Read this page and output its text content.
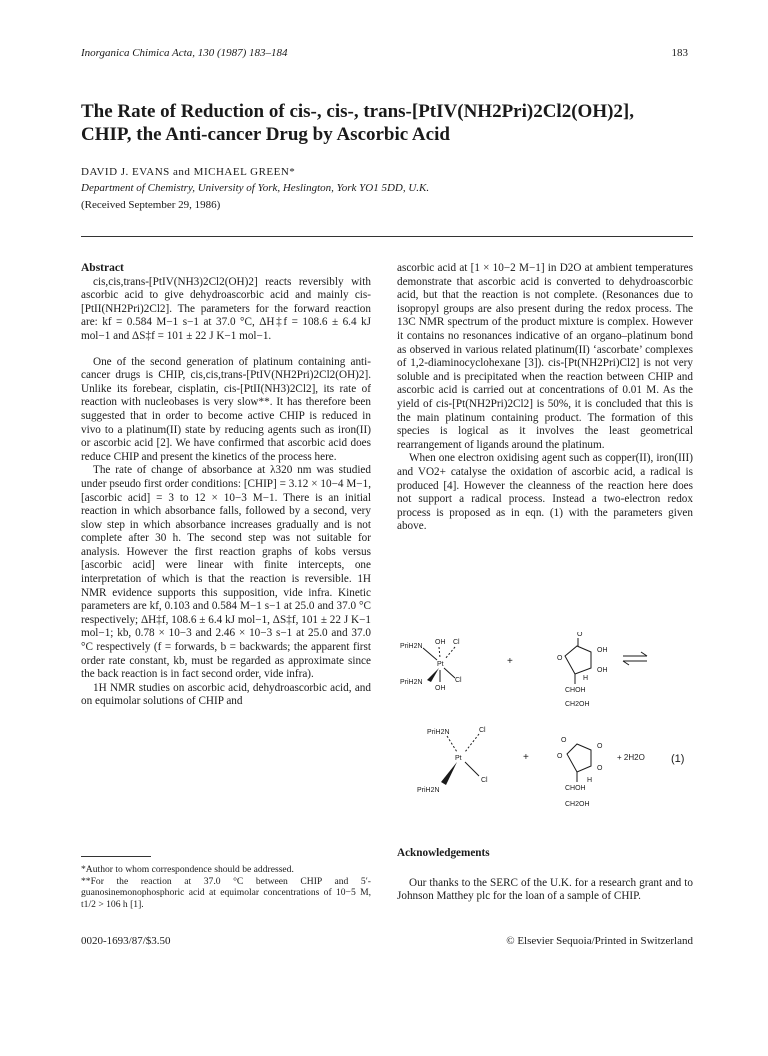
Inorganica Chimica Acta, 130 (1987) 183–184	183
The Rate of Reduction of cis-, cis-, trans-[PtIV(NH2Pri)2Cl2(OH)2], CHIP, the Anti-cancer Drug by Ascorbic Acid
DAVID J. EVANS and MICHAEL GREEN*
Department of Chemistry, University of York, Heslington, York YO1 5DD, U.K.
(Received September 29, 1986)

Abstract

cis,cis,trans-[PtIV(NH3)2Cl2(OH)2] reacts reversibly with ascorbic acid to give dehydroascorbic acid and mainly cis-[PtII(NH2Pri)2Cl2]. The parameters for the forward reaction are: kf = 0.584 M−1 s−1 at 37.0 °C, ΔH‡f = 108.6 ± 6.4 kJ mol−1 and ΔS‡f = 101 ± 22 J K−1 mol−1.

One of the second generation of platinum containing anti-cancer drugs is CHIP, cis,cis,trans-[PtIV(NH2Pri)2Cl2(OH)2]. Unlike its forebear, cisplatin, cis-[PtII(NH3)2Cl2], its rate of reaction with nucleobases is very slow**. It has therefore been suggested that in order to become active CHIP is reduced in vivo to a platinum(II) state by reducing agents such as iron(II) or ascorbic acid [2]. We have confirmed that ascorbic acid does reduce CHIP and present the kinetics of the process here.

The rate of change of absorbance at λ320 nm was studied under pseudo first order conditions: [CHIP] = 3.12 × 10−4 M−1, [ascorbic acid] = 3 to 12 × 10−3 M−1. There is an initial reaction in which absorbance falls, followed by a second, very slow step in which absorbance increases gradually and is not complete after 30 h. The second step was not suitable for analysis. However the first reaction graphs of kobs versus [ascorbic acid] were linear with finite intercepts, one interpretation of which is that the reaction is reversible. 1H NMR evidence supports this supposition, vide infra. Kinetic parameters are kf, 0.103 and 0.584 M−1 s−1 at 25.0 and 37.0 °C respectively; ΔH‡f, 108.6 ± 6.4 kJ mol−1, ΔS‡f, 101 ± 22 J K−1 mol−1; kb, 0.78 × 10−3 and 2.46 × 10−3 s−1 at 25.0 and 37.0 °C respectively (f = forwards, b = backwards; the apparent first order rate constant, kb, must be regarded as approximate since the back reaction is in fact second order, vide infra).

1H NMR studies on ascorbic acid, dehydroascorbic acid, and on equimolar solutions of CHIP and

ascorbic acid at [1 × 10−2 M−1] in D2O at ambient temperatures demonstrate that ascorbic acid is converted to dehydroascorbic acid, but that the reaction is not complete. (Resonances due to isopropyl groups are also present during the redox process. The 13C NMR spectrum of the product mixture is complex. However it contains no resonances indicative of an organo–platinum bond as observed in various related platinum(II) ‘ascorbate’ complexes of 1,2-diaminocyclohexane [3]). cis-[Pt(NH2Pri)Cl2] is not very soluble and is precipitated when the reaction between CHIP and ascorbic acid is carried out at concentrations of 0.01 M. As the yield of cis-[Pt(NH2Pri)2Cl2] is 50%, it is concluded that this is the main platinum containing product. The formation of this species is logical as it involves the least geometrical rearrangement of ligands around the platinum.

When one electron oxidising agent such as copper(II), iron(III) and VO2+ catalyse the oxidation of ascorbic acid, a radical is produced [4]. However the cleanness of the reaction here does not support a radical process. Instead a two-electron redox process is proposed as in eqn. (1) with the parameters given above.

PriH2N
OH Cl
Pt
PriH2N
OH
Cl
+
O
O
OH
OH
H
CHOH
CH2OH
PriH2N	Cl
Pt
PriH2N
Cl
+
O
O
O
O
H
CHOH
CH2OH
+ 2H2O (1)
Acknowledgements
Our thanks to the SERC of the U.K. for a research grant and to Johnson Matthey plc for the loan of a sample of CHIP.
*Author to whom correspondence should be addressed.
**For the reaction at 37.0 °C between CHIP and 5′-guanosinemonophosphoric acid at equimolar concentrations of 10−5 M, t1/2 > 106 h [1].
0020-1693/87/$3.50	© Elsevier Sequoia/Printed in Switzerland
